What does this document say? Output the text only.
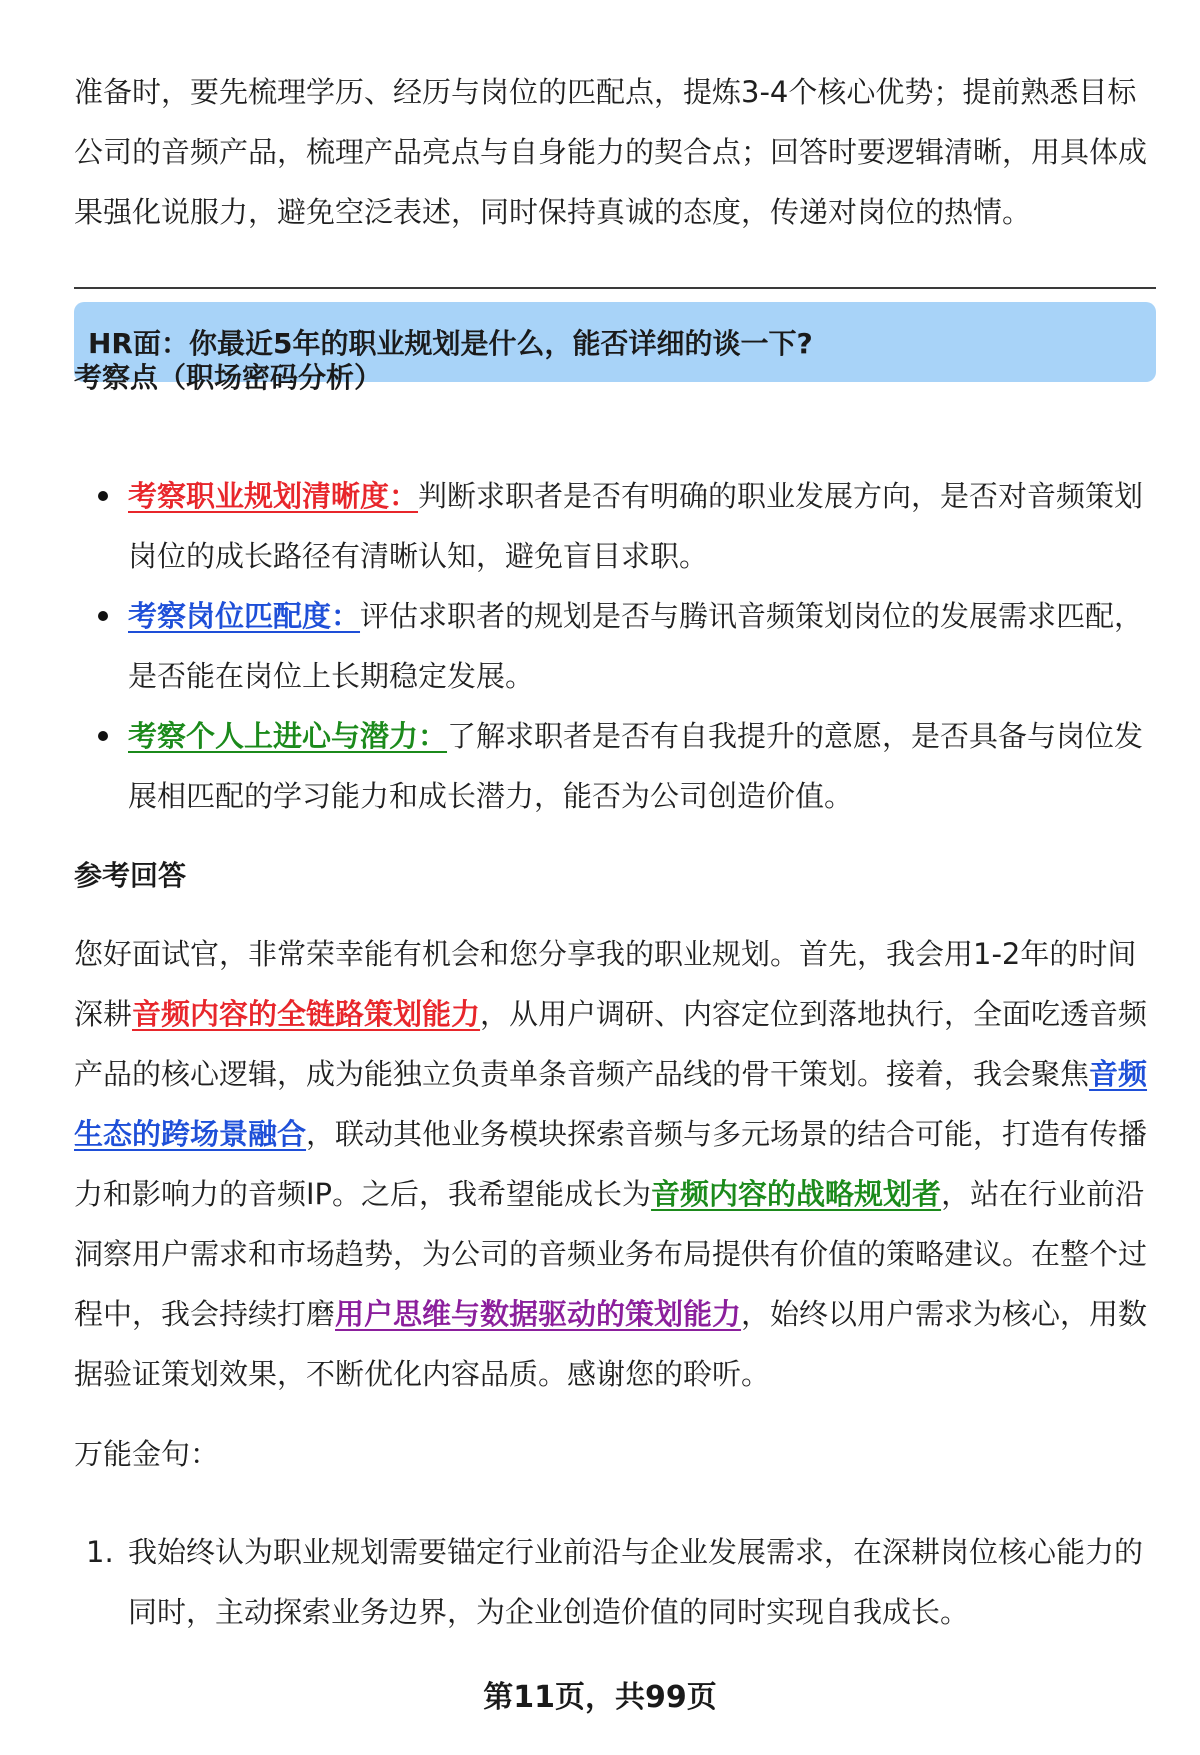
准备时，要先梳理学历、经历与岗位的匹配点，提炼3-4个核心优势；提前熟悉目标公司的音频产品，梳理产品亮点与自身能力的契合点；回答时要逻辑清晰，用具体成果强化说服力，避免空泛表述，同时保持真诚的态度，传递对岗位的热情。

HR面：你最近5年的职业规划是什么，能否详细的谈一下?
考察点（职场密码分析）
考察职业规划清晰度：判断求职者是否有明确的职业发展方向，是否对音频策划岗位的成长路径有清晰认知，避免盲目求职。
考察岗位匹配度：评估求职者的规划是否与腾讯音频策划岗位的发展需求匹配，是否能在岗位上长期稳定发展。
考察个人上进心与潜力：了解求职者是否有自我提升的意愿，是否具备与岗位发展相匹配的学习能力和成长潜力，能否为公司创造价值。
参考回答

您好面试官，非常荣幸能有机会和您分享我的职业规划。首先，我会用1-2年的时间深耕音频内容的全链路策划能力，从用户调研、内容定位到落地执行，全面吃透音频产品的核心逻辑，成为能独立负责单条音频产品线的骨干策划。接着，我会聚焦音频生态的跨场景融合，联动其他业务模块探索音频与多元场景的结合可能，打造有传播力和影响力的音频IP。之后，我希望能成长为音频内容的战略规划者，站在行业前沿洞察用户需求和市场趋势，为公司的音频业务布局提供有价值的策略建议。在整个过程中，我会持续打磨用户思维与数据驱动的策划能力，始终以用户需求为核心，用数据验证策划效果，不断优化内容品质。感谢您的聆听。

万能金句：
1. 我始终认为职业规划需要锚定行业前沿与企业发展需求，在深耕岗位核心能力的同时，主动探索业务边界，为企业创造价值的同时实现自我成长。
第11页，共99页
